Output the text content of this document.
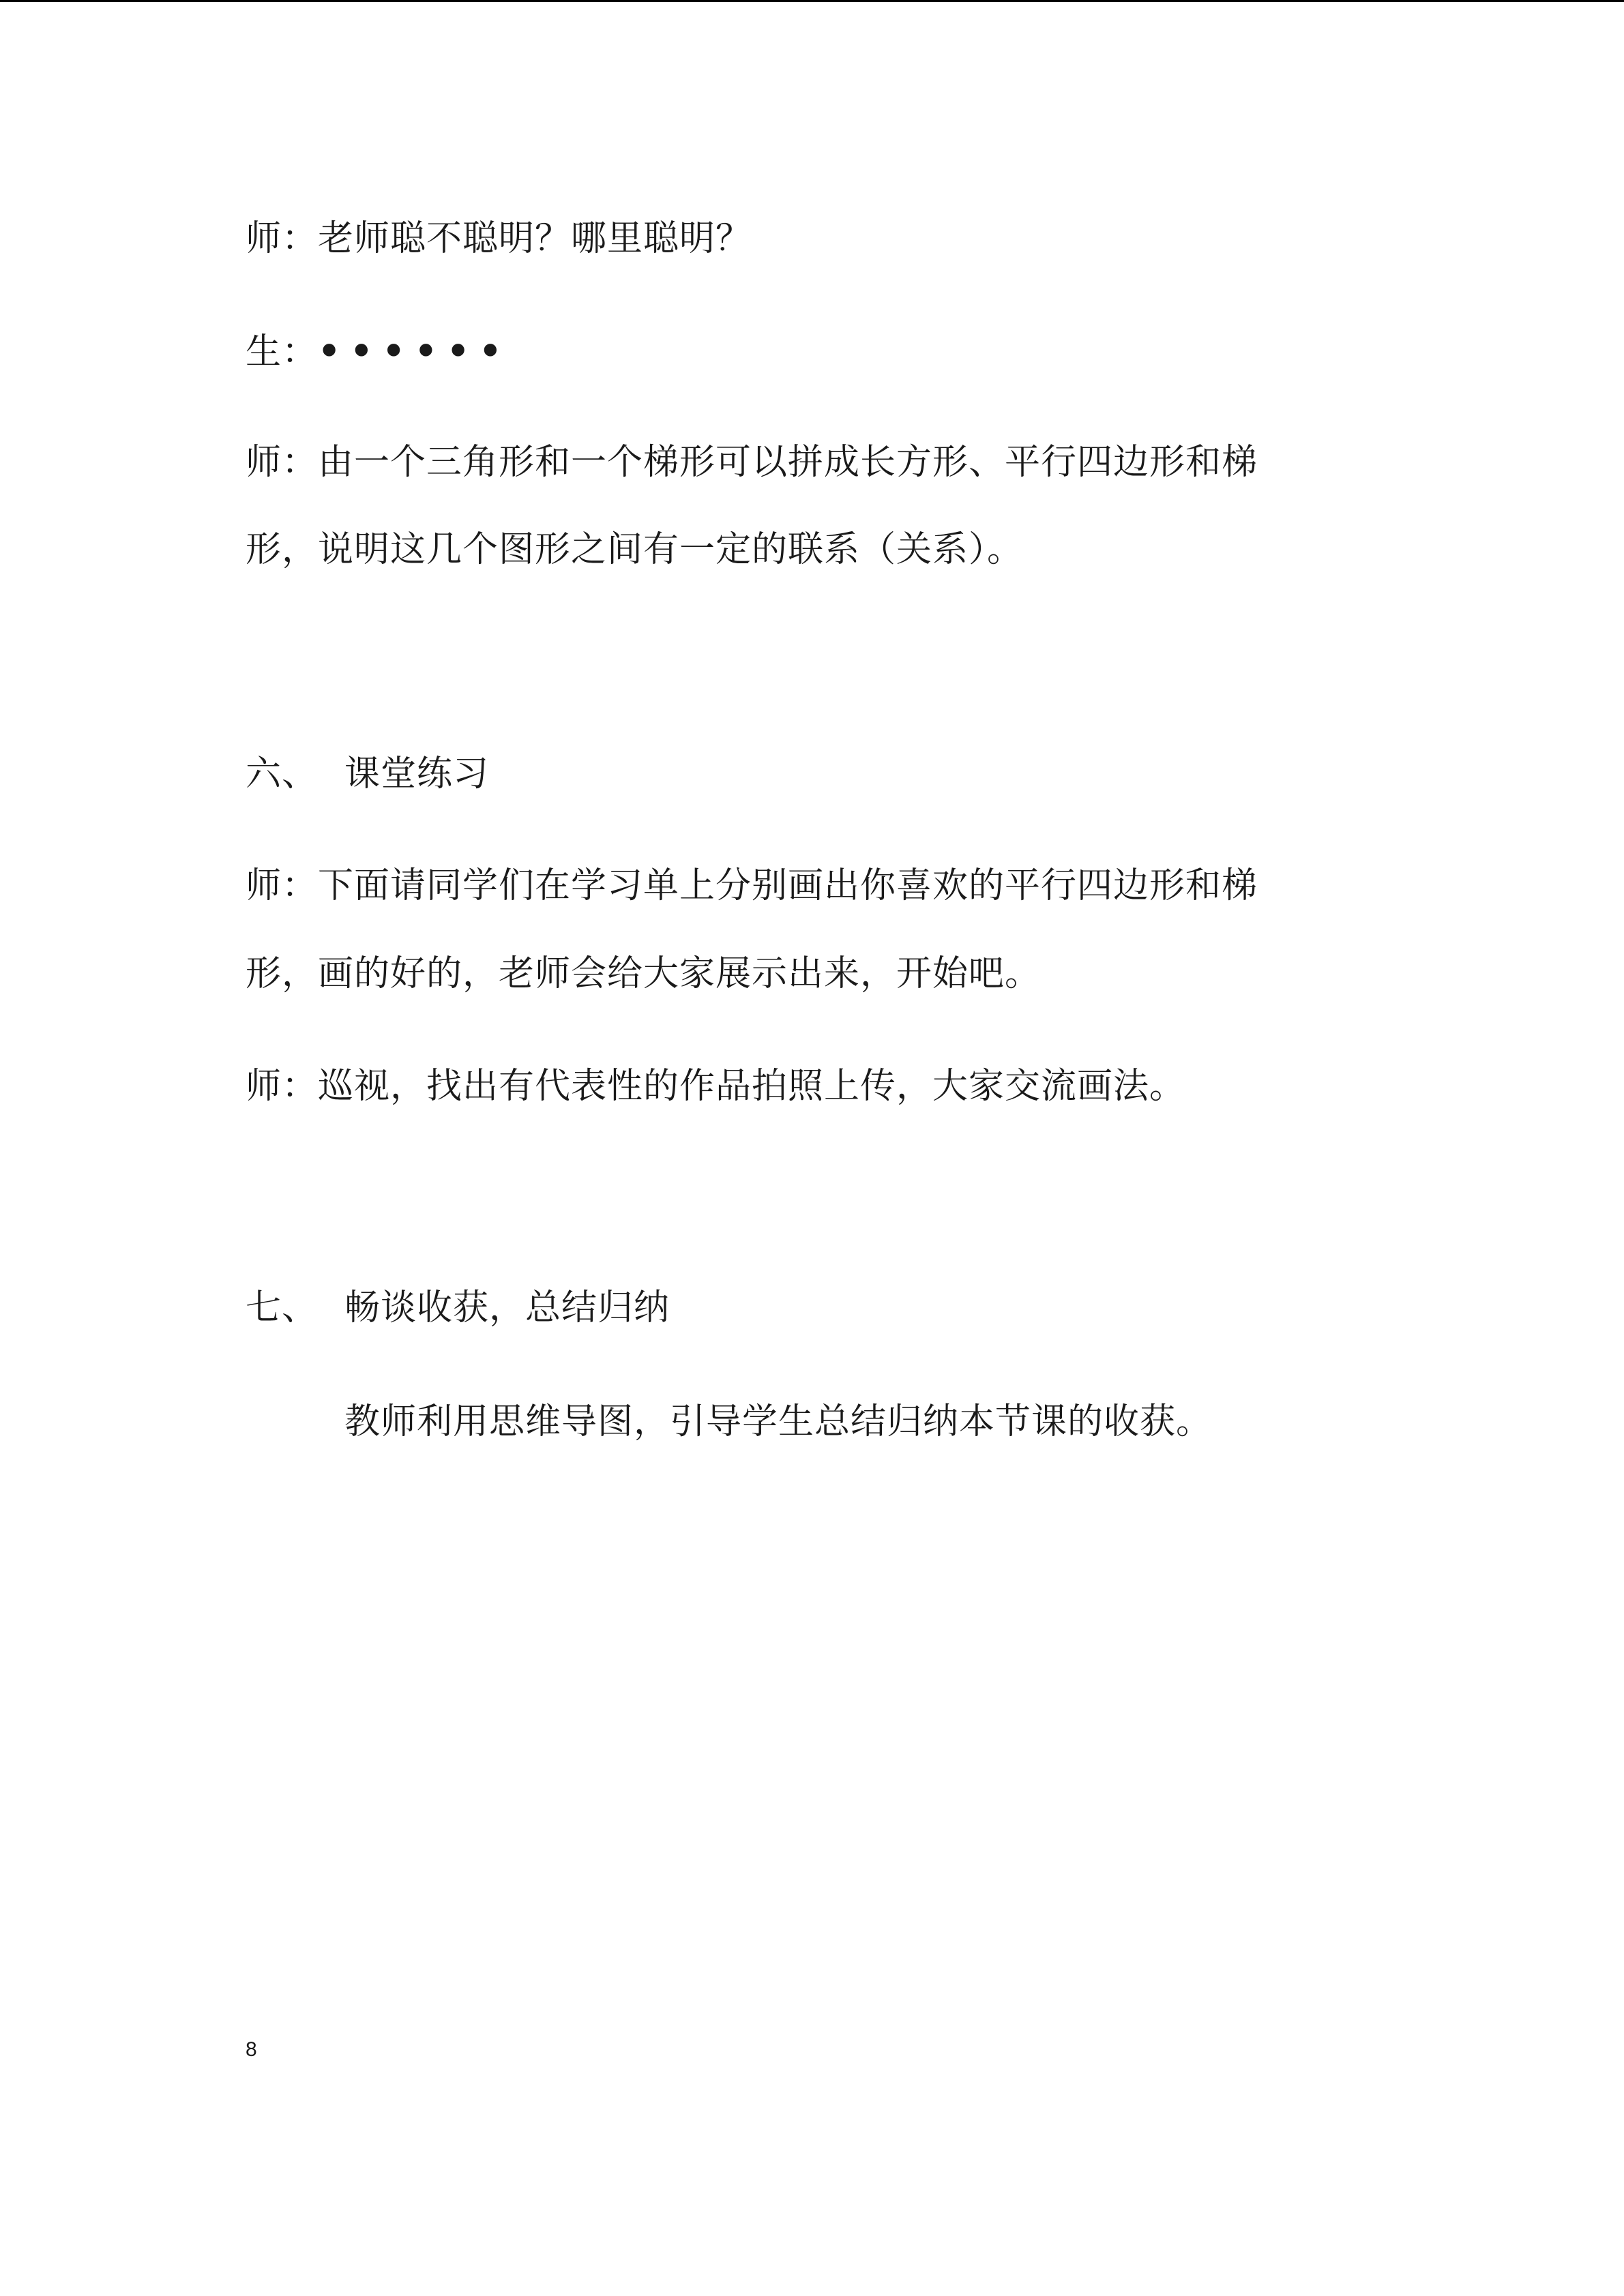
师：老师聪不聪明？哪里聪明？
生：••••••
师：由一个三角形和一个梯形可以拼成长方形、平行四边形和梯
形，说明这几个图形之间有一定的联系（关系）。
六、 课堂练习
师：下面请同学们在学习单上分别画出你喜欢的平行四边形和梯
形，画的好的，老师会给大家展示出来，开始吧。
师：巡视，找出有代表性的作品拍照上传，大家交流画法。
七、 畅谈收获，总结归纳
教师利用思维导图，引导学生总结归纳本节课的收获。
8
